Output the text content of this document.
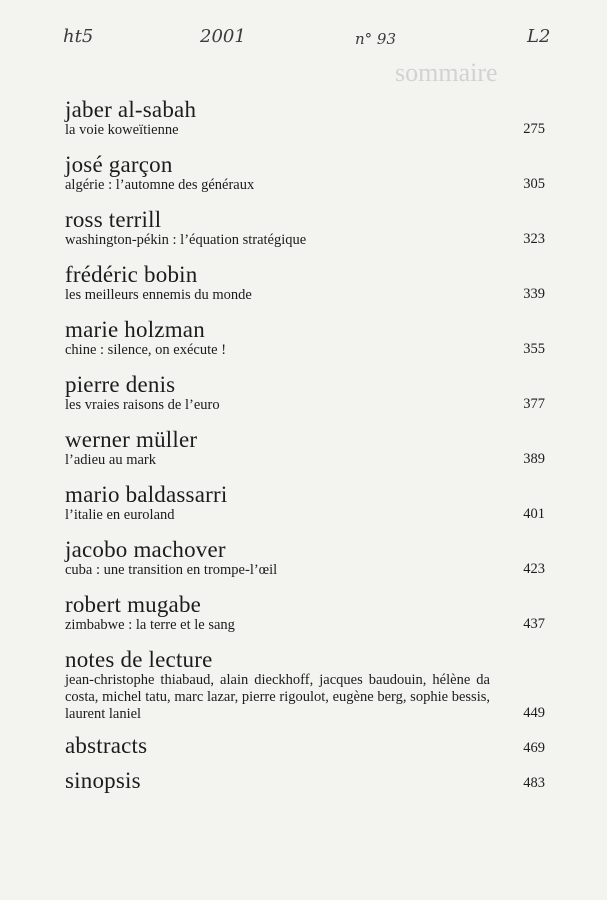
ht5	2001	n° 93	L2
sommaire
jaber al-sabah
la voie koweïtienne	275
josé garçon
algérie : l’automne des généraux	305
ross terrill
washington-pékin : l’équation stratégique	323
frédéric bobin
les meilleurs ennemis du monde	339
marie holzman
chine : silence, on exécute !	355
pierre denis
les vraies raisons de l’euro	377
werner müller
l’adieu au mark	389
mario baldassarri
l’italie en euroland	401
jacobo machover
cuba : une transition en trompe-l’œil	423
robert mugabe
zimbabwe : la terre et le sang	437
notes de lecture
jean-christophe thiabaud, alain dieckhoff, jacques baudouin, hélène da costa, michel tatu, marc lazar, pierre rigoulot, eugène berg, sophie bessis, laurent laniel	449
abstracts	469
sinopsis	483
